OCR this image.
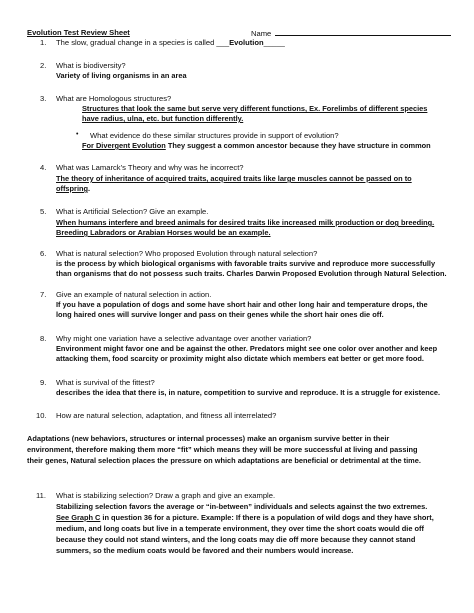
Evolution Test Review Sheet	Name
1. The slow, gradual change in a species is called ___Evolution_____
2. What is biodiversity?
Variety of living organisms in an area
3. What are Homologous structures?
Structures that look the same but serve very different functions, Ex. Forelimbs of different species
have radius, ulna, etc. but function differently.
• What evidence do these similar structures provide in support of evolution?
For Divergent Evolution They suggest a common ancestor because they have structure in common
4. What was Lamarck’s Theory and why was he incorrect?
The theory of inheritance of acquired traits, acquired traits like large muscles cannot be passed on to
offspring.
5. What is Artificial Selection? Give an example.
When humans interfere and breed animals for desired traits like increased milk production or dog breeding.
Breeding Labradors or Arabian Horses would be an example.
6. What is natural selection? Who proposed Evolution through natural selection?
is the process by which biological organisms with favorable traits survive and reproduce more successfully
than organisms that do not possess such traits. Charles Darwin Proposed Evolution through Natural Selection.
7. Give an example of natural selection in action.
If you have a population of dogs and some have short hair and other long hair and temperature drops, the
long haired ones will survive longer and pass on their genes while the short hair ones die off.
8. Why might one variation have a selective advantage over another variation?
Environment might favor one and be against the other. Predators might see one color over another and keep
attacking them, food scarcity or proximity might also dictate which members eat better or get more food.
9. What is survival of the fittest?
describes the idea that there is, in nature, competition to survive and reproduce. It is a struggle for existence.
10. How are natural selection, adaptation, and fitness all interrelated?
Adaptations (new behaviors, structures or internal processes) make an organism survive better in their
environment, therefore making them more “fit” which means they will be more successful at living and passing
their genes, Natural selection places the pressure on which adaptations are beneficial or detrimental at the time.
11. What is stabilizing selection? Draw a graph and give an example.
Stabilizing selection favors the average or “in-between” individuals and selects against the two extremes.
See Graph C in question 36 for a picture. Example: If there is a population of wild dogs and they have short,
medium, and long coats but live in a temperate environment, they over time the short coats would die off
because they could not stand winters, and the long coats may die off more because they cannot stand
summers, so the medium coats would be favored and their numbers would increase.
